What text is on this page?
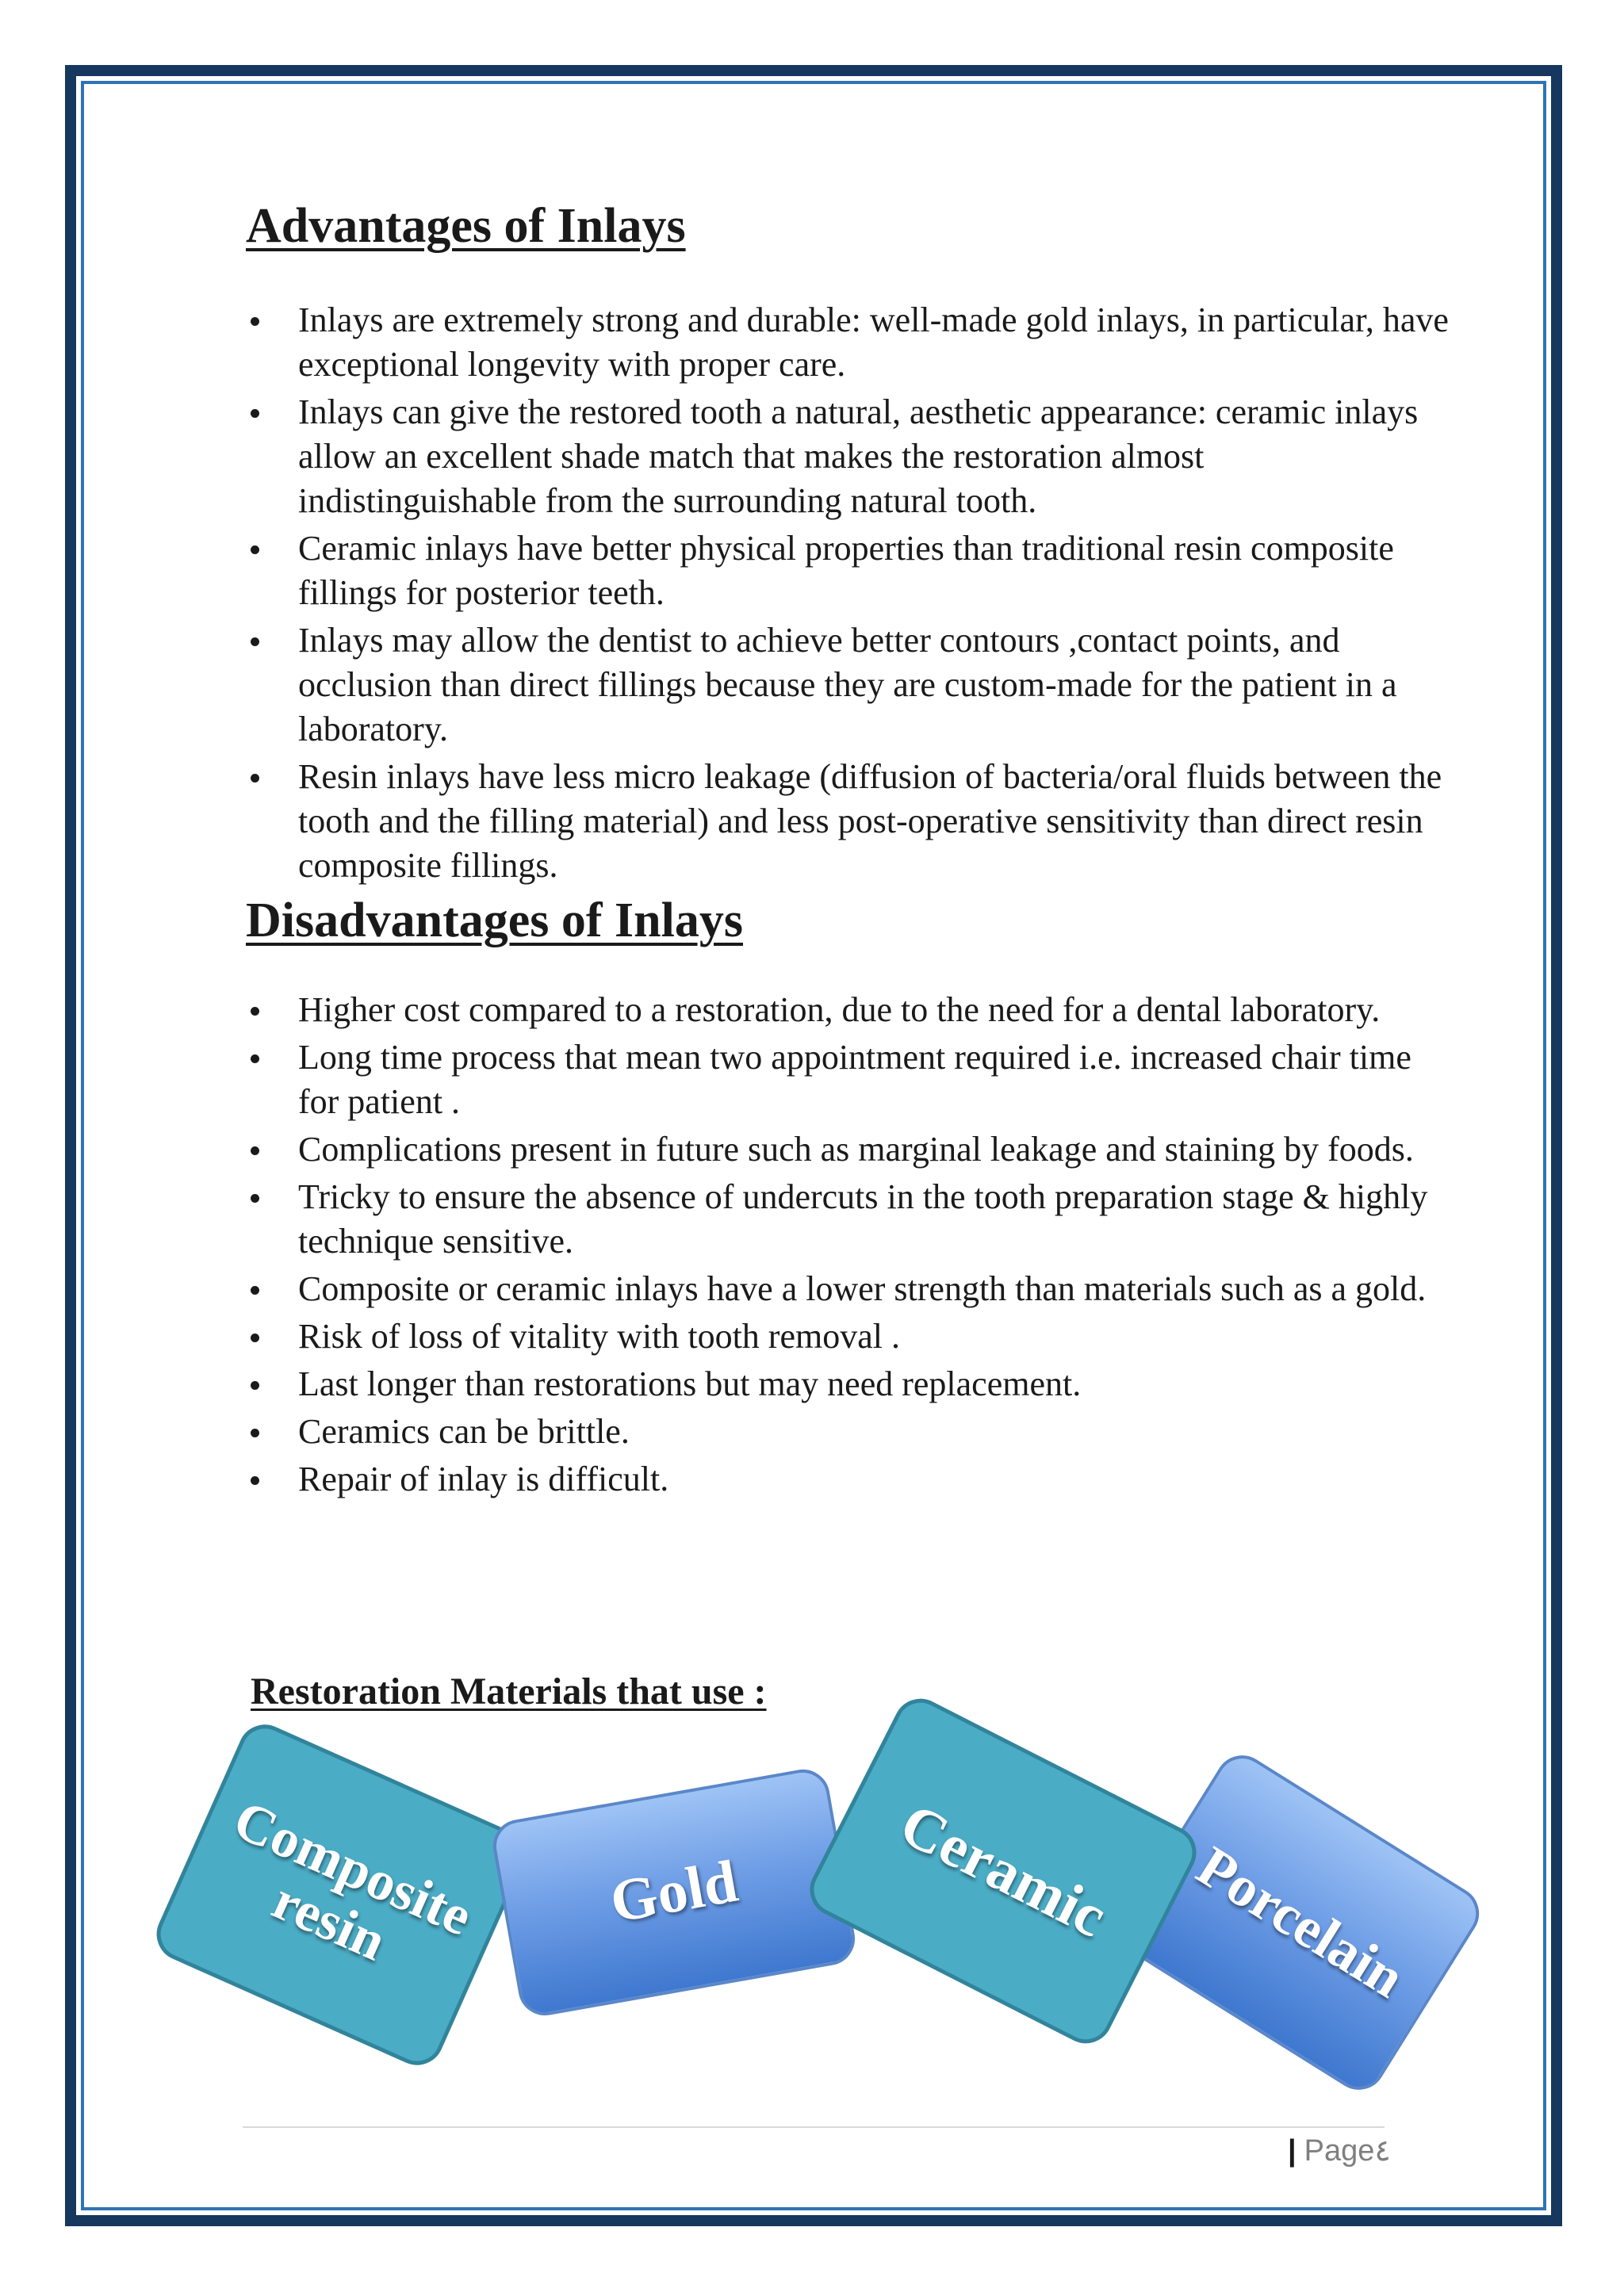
Advantages of Inlays
Inlays are extremely strong and durable: well-made gold inlays, in particular, have exceptional longevity with proper care.
Inlays can give the restored tooth a natural, aesthetic appearance: ceramic inlays allow an excellent shade match that makes the restoration almost indistinguishable from the surrounding natural tooth.
Ceramic inlays have better physical properties than traditional resin composite fillings for posterior teeth.
Inlays may allow the dentist to achieve better contours ,contact points, and occlusion than direct fillings because they are custom-made for the patient in a laboratory.
Resin inlays have less micro leakage (diffusion of bacteria/oral fluids between the tooth and the filling material) and less post-operative sensitivity than direct resin composite fillings.
Disadvantages of Inlays
Higher cost compared to a restoration, due to the need for a dental laboratory.
Long time process that mean two appointment required i.e. increased chair time for patient .
Complications present in future such as marginal leakage and staining by foods.
Tricky to ensure the absence of undercuts in the tooth preparation stage & highly technique sensitive.
Composite or ceramic inlays have a lower strength than materials such as a gold.
Risk of loss of vitality with tooth removal .
Last longer than restorations but may need replacement.
Ceramics can be brittle.
Repair of inlay is difficult.
Restoration Materials that use :
Composite resin	Gold Ceramic Porcelain
| Page٤
